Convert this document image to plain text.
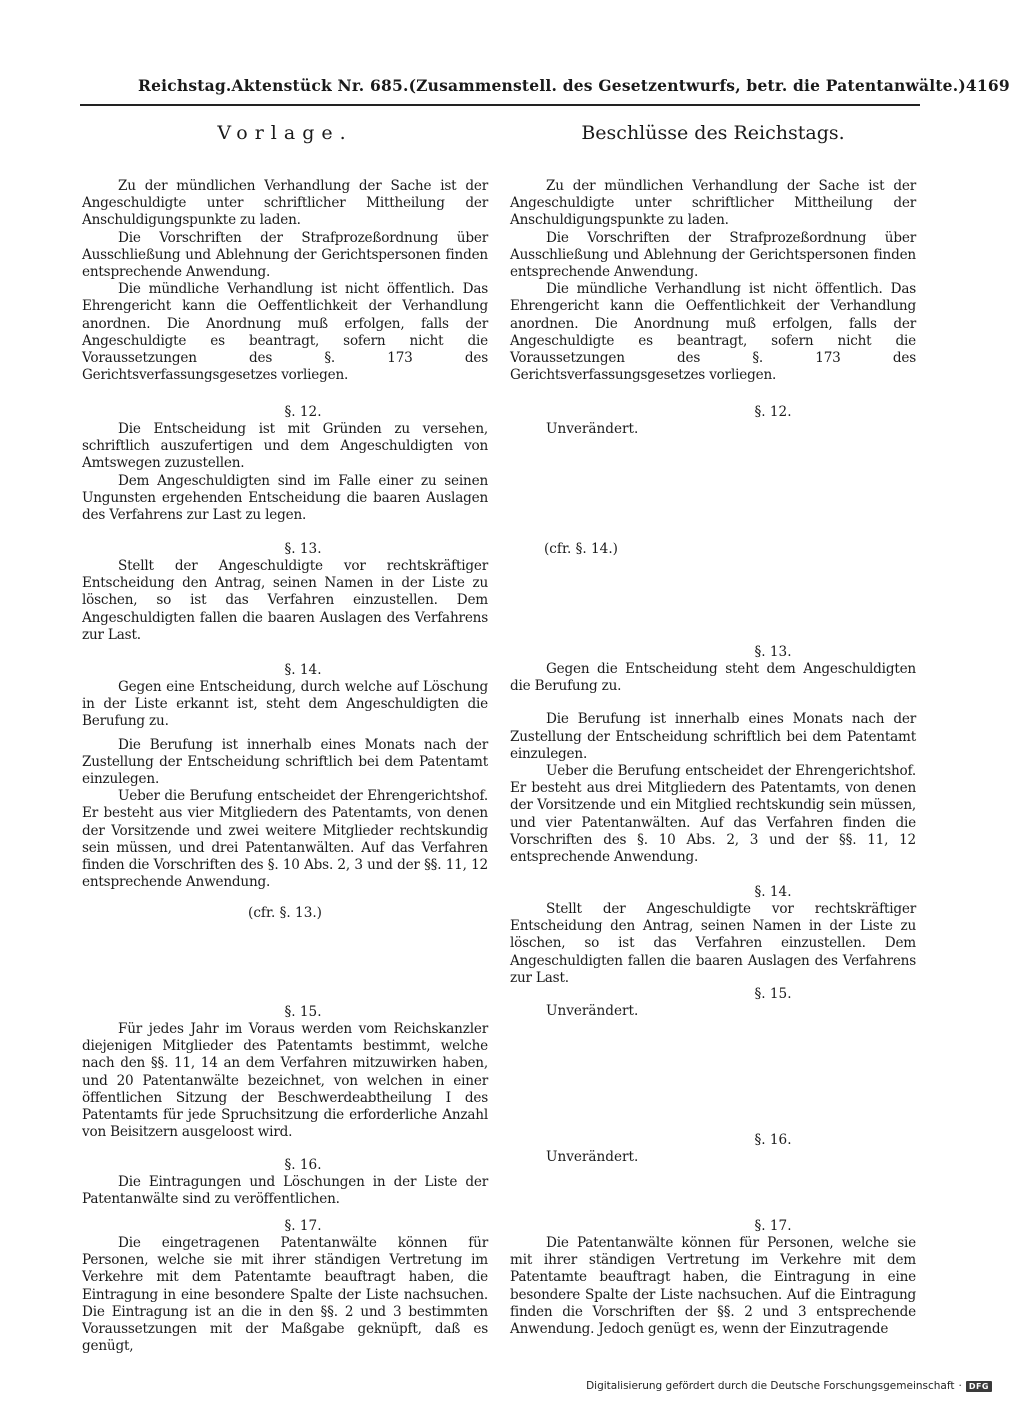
Reichstag. Aktenstück Nr. 685. (Zusammenstell. des Gesetzentwurfs, betr. die Patentanwälte.) 4169
Vorlage.

Zu der mündlichen Verhandlung der Sache ist der Angeschuldigte unter schriftlicher Mittheilung der Anschuldigungspunkte zu laden.

Die Vorschriften der Strafprozeßordnung über Ausschließung und Ablehnung der Gerichtspersonen finden entsprechende Anwendung.

Die mündliche Verhandlung ist nicht öffentlich. Das Ehrengericht kann die Oeffentlichkeit der Verhandlung anordnen. Die Anordnung muß erfolgen, falls der Angeschuldigte es beantragt, sofern nicht die Voraussetzungen des §. 173 des Gerichtsverfassungsgesetzes vorliegen.

§. 12.

Die Entscheidung ist mit Gründen zu versehen, schriftlich auszufertigen und dem Angeschuldigten von Amtswegen zuzustellen.

Dem Angeschuldigten sind im Falle einer zu seinen Ungunsten ergehenden Entscheidung die baaren Auslagen des Verfahrens zur Last zu legen.

§. 13.

Stellt der Angeschuldigte vor rechtskräftiger Entscheidung den Antrag, seinen Namen in der Liste zu löschen, so ist das Verfahren einzustellen. Dem Angeschuldigten fallen die baaren Auslagen des Verfahrens zur Last.

§. 14.

Gegen eine Entscheidung, durch welche auf Löschung in der Liste erkannt ist, steht dem Angeschuldigten die Berufung zu.

Die Berufung ist innerhalb eines Monats nach der Zustellung der Entscheidung schriftlich bei dem Patentamt einzulegen.

Ueber die Berufung entscheidet der Ehrengerichtshof. Er besteht aus vier Mitgliedern des Patentamts, von denen der Vorsitzende und zwei weitere Mitglieder rechtskundig sein müssen, und drei Patentanwälten. Auf das Verfahren finden die Vorschriften des §. 10 Abs. 2, 3 und der §§. 11, 12 entsprechende Anwendung.

(cfr. §. 13.)

§. 15.

Für jedes Jahr im Voraus werden vom Reichskanzler diejenigen Mitglieder des Patentamts bestimmt, welche nach den §§. 11, 14 an dem Verfahren mitzuwirken haben, und 20 Patentanwälte bezeichnet, von welchen in einer öffentlichen Sitzung der Beschwerdeabtheilung I des Patentamts für jede Spruchsitzung die erforderliche Anzahl von Beisitzern ausgeloost wird.

§. 16.

Die Eintragungen und Löschungen in der Liste der Patentanwälte sind zu veröffentlichen.

§. 17.

Die eingetragenen Patentanwälte können für Personen, welche sie mit ihrer ständigen Vertretung im Verkehre mit dem Patentamte beauftragt haben, die Eintragung in eine besondere Spalte der Liste nachsuchen. Die Eintragung ist an die in den §§. 2 und 3 bestimmten Voraussetzungen mit der Maßgabe geknüpft, daß es genügt,

Beschlüsse des Reichstags.

Zu der mündlichen Verhandlung der Sache ist der Angeschuldigte unter schriftlicher Mittheilung der Anschuldigungspunkte zu laden.

Die Vorschriften der Strafprozeßordnung über Ausschließung und Ablehnung der Gerichtspersonen finden entsprechende Anwendung.

Die mündliche Verhandlung ist nicht öffentlich. Das Ehrengericht kann die Oeffentlichkeit der Verhandlung anordnen. Die Anordnung muß erfolgen, falls der Angeschuldigte es beantragt, sofern nicht die Voraussetzungen des §. 173 des Gerichtsverfassungsgesetzes vorliegen.

§. 12.

Unverändert.

(cfr. §. 14.)

§. 13.

Gegen die Entscheidung steht dem Angeschuldigten die Berufung zu.

Die Berufung ist innerhalb eines Monats nach der Zustellung der Entscheidung schriftlich bei dem Patentamt einzulegen.

Ueber die Berufung entscheidet der Ehrengerichtshof. Er besteht aus drei Mitgliedern des Patentamts, von denen der Vorsitzende und ein Mitglied rechtskundig sein müssen, und vier Patentanwälten. Auf das Verfahren finden die Vorschriften des §. 10 Abs. 2, 3 und der §§. 11, 12 entsprechende Anwendung.

§. 14.

Stellt der Angeschuldigte vor rechtskräftiger Entscheidung den Antrag, seinen Namen in der Liste zu löschen, so ist das Verfahren einzustellen. Dem Angeschuldigten fallen die baaren Auslagen des Verfahrens zur Last.

§. 15.

Unverändert.

§. 16.

Unverändert.

§. 17.

Die Patentanwälte können für Personen, welche sie mit ihrer ständigen Vertretung im Verkehre mit dem Patentamte beauftragt haben, die Eintragung in eine besondere Spalte der Liste nachsuchen. Auf die Eintragung finden die Vorschriften der §§. 2 und 3 entsprechende Anwendung. Jedoch genügt es, wenn der Einzutragende

Digitalisierung gefördert durch die Deutsche Forschungsgemeinschaft · DFG
